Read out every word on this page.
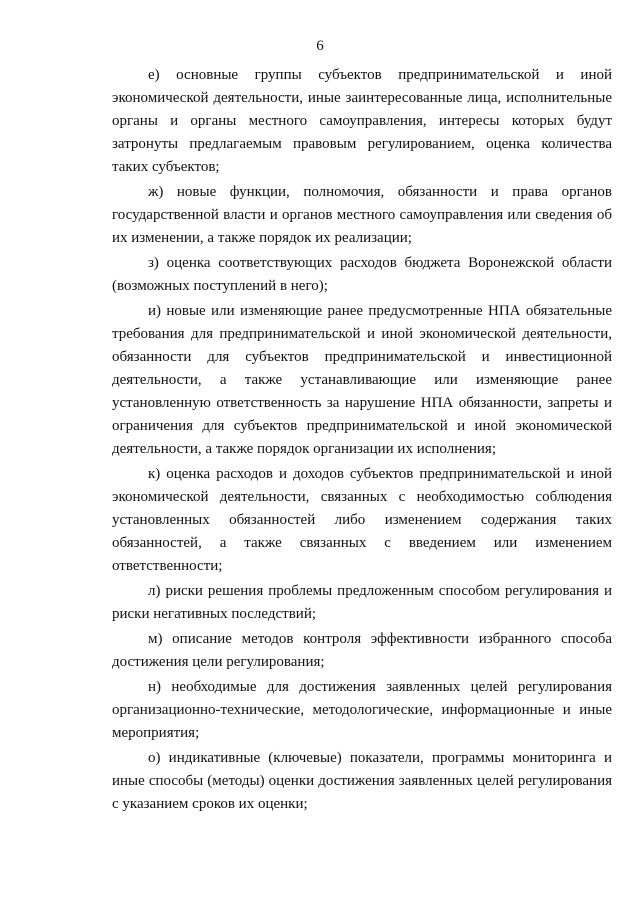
6
е) основные группы субъектов предпринимательской и иной
экономической деятельности, иные заинтересованные лица, исполнительные
органы и органы местного самоуправления, интересы которых будут
затронуты предлагаемым правовым регулированием, оценка количества
таких субъектов;
ж) новые функции, полномочия, обязанности и права органов
государственной власти и органов местного самоуправления или сведения об
их изменении, а также порядок их реализации;
з) оценка соответствующих расходов бюджета Воронежской области
(возможных поступлений в него);
и) новые или изменяющие ранее предусмотренные НПА обязательные
требования для предпринимательской и иной экономической деятельности,
обязанности для субъектов предпринимательской и инвестиционной
деятельности, а также устанавливающие или изменяющие ранее
установленную ответственность за нарушение НПА обязанности, запреты и
ограничения для субъектов предпринимательской и иной экономической
деятельности, а также порядок организации их исполнения;
к) оценка расходов и доходов субъектов предпринимательской и иной
экономической деятельности, связанных с необходимостью соблюдения
установленных обязанностей либо изменением содержания таких
обязанностей, а также связанных с введением или изменением
ответственности;
л) риски решения проблемы предложенным способом регулирования и
риски негативных последствий;
м) описание методов контроля эффективности избранного способа
достижения цели регулирования;
н) необходимые для достижения заявленных целей регулирования
организационно-технические, методологические, информационные и иные
мероприятия;
о) индикативные (ключевые) показатели, программы мониторинга и
иные способы (методы) оценки достижения заявленных целей регулирования
с указанием сроков их оценки;
